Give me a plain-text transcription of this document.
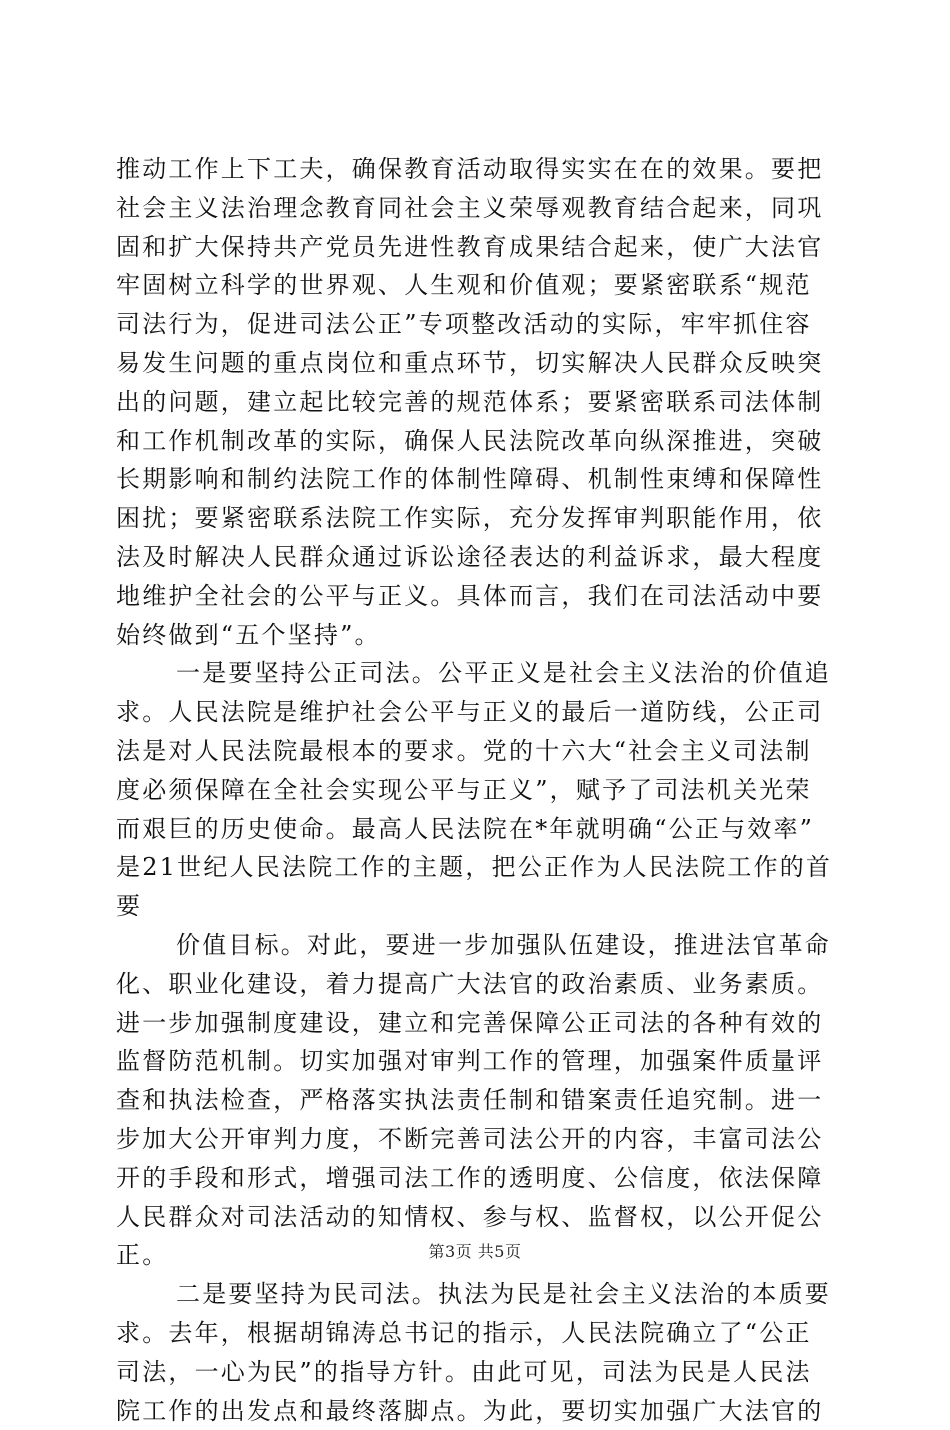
推动工作上下工夫，确保教育活动取得实实在在的效果。要把
社会主义法治理念教育同社会主义荣辱观教育结合起来，同巩
固和扩大保持共产党员先进性教育成果结合起来，使广大法官
牢固树立科学的世界观、人生观和价值观；要紧密联系“规范
司法行为，促进司法公正”专项整改活动的实际，牢牢抓住容
易发生问题的重点岗位和重点环节，切实解决人民群众反映突
出的问题，建立起比较完善的规范体系；要紧密联系司法体制
和工作机制改革的实际，确保人民法院改革向纵深推进，突破
长期影响和制约法院工作的体制性障碍、机制性束缚和保障性
困扰；要紧密联系法院工作实际，充分发挥审判职能作用，依
法及时解决人民群众通过诉讼途径表达的利益诉求，最大程度
地维护全社会的公平与正义。具体而言，我们在司法活动中要
始终做到“五个坚持”。
一是要坚持公正司法。公平正义是社会主义法治的价值追
求。人民法院是维护社会公平与正义的最后一道防线，公正司
法是对人民法院最根本的要求。党的十六大“社会主义司法制
度必须保障在全社会实现公平与正义”，赋予了司法机关光荣
而艰巨的历史使命。最高人民法院在*年就明确“公正与效率”
是21世纪人民法院工作的主题，把公正作为人民法院工作的首
要
价值目标。对此，要进一步加强队伍建设，推进法官革命
化、职业化建设，着力提高广大法官的政治素质、业务素质。
进一步加强制度建设，建立和完善保障公正司法的各种有效的
监督防范机制。切实加强对审判工作的管理，加强案件质量评
查和执法检查，严格落实执法责任制和错案责任追究制。进一
步加大公开审判力度，不断完善司法公开的内容，丰富司法公
开的手段和形式，增强司法工作的透明度、公信度，依法保障
人民群众对司法活动的知情权、参与权、监督权，以公开促公
正。
二是要坚持为民司法。执法为民是社会主义法治的本质要
求。去年，根据胡锦涛总书记的指示，人民法院确立了“公正
司法，一心为民”的指导方针。由此可见，司法为民是人民法
院工作的出发点和最终落脚点。为此，要切实加强广大法官的
第3页 共5页
